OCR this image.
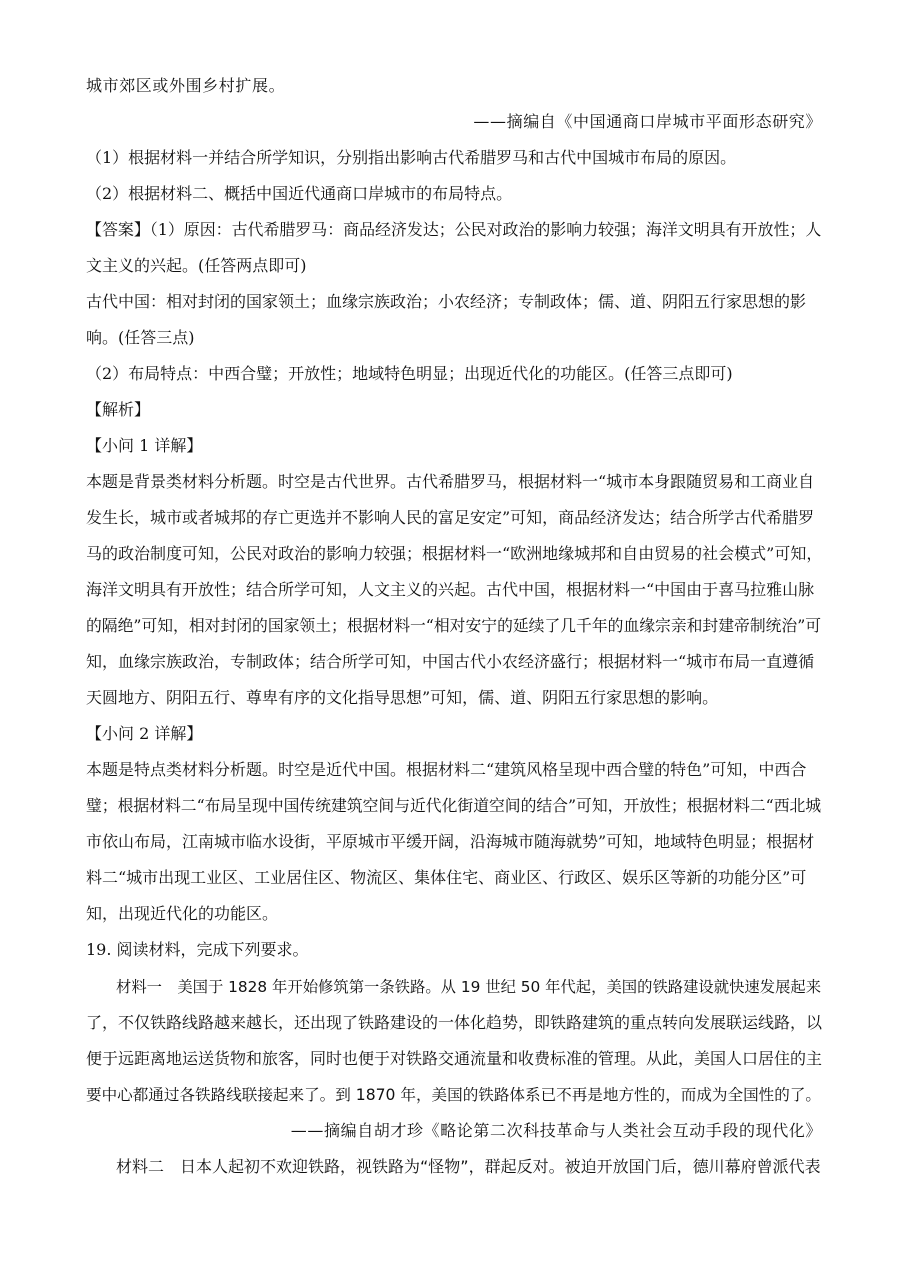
城市郊区或外围乡村扩展。
——摘编自《中国通商口岸城市平面形态研究》
（1）根据材料一并结合所学知识，分别指出影响古代希腊罗马和古代中国城市布局的原因。
（2）根据材料二、概括中国近代通商口岸城市的布局特点。
【答案】（1）原因：古代希腊罗马：商品经济发达；公民对政治的影响力较强；海洋文明具有开放性；人
文主义的兴起。(任答两点即可)
古代中国：相对封闭的国家领土；血缘宗族政治；小农经济；专制政体；儒、道、阴阳五行家思想的影
响。(任答三点)
（2）布局特点：中西合璧；开放性；地域特色明显；出现近代化的功能区。(任答三点即可)
【解析】
【小问 1 详解】
本题是背景类材料分析题。时空是古代世界。古代希腊罗马，根据材料一“城市本身跟随贸易和工商业自
发生长，城市或者城邦的存亡更选并不影响人民的富足安定”可知，商品经济发达；结合所学古代希腊罗
马的政治制度可知，公民对政治的影响力较强；根据材料一“欧洲地缘城邦和自由贸易的社会模式”可知，
海洋文明具有开放性；结合所学可知，人文主义的兴起。古代中国，根据材料一“中国由于喜马拉雅山脉
的隔绝”可知，相对封闭的国家领土；根据材料一“相对安宁的延续了几千年的血缘宗亲和封建帝制统治”可
知，血缘宗族政治，专制政体；结合所学可知，中国古代小农经济盛行；根据材料一“城市布局一直遵循
天圆地方、阴阳五行、尊卑有序的文化指导思想”可知，儒、道、阴阳五行家思想的影响。
【小问 2 详解】
本题是特点类材料分析题。时空是近代中国。根据材料二“建筑风格呈现中西合璧的特色”可知，中西合
璧；根据材料二“布局呈现中国传统建筑空间与近代化街道空间的结合”可知，开放性；根据材料二“西北城
市依山布局，江南城市临水设街，平原城市平缓开阔，沿海城市随海就势”可知，地域特色明显；根据材
料二“城市出现工业区、工业居住区、物流区、集体住宅、商业区、行政区、娱乐区等新的功能分区”可
知，出现近代化的功能区。
19. 阅读材料，完成下列要求。
材料一　美国于 1828 年开始修筑第一条铁路。从 19 世纪 50 年代起，美国的铁路建设就快速发展起来
了，不仅铁路线路越来越长，还出现了铁路建设的一体化趋势，即铁路建筑的重点转向发展联运线路，以
便于远距离地运送货物和旅客，同时也便于对铁路交通流量和收费标准的管理。从此，美国人口居住的主
要中心都通过各铁路线联接起来了。到 1870 年，美国的铁路体系已不再是地方性的，而成为全国性的了。
——摘编自胡才珍《略论第二次科技革命与人类社会互动手段的现代化》
材料二　日本人起初不欢迎铁路，视铁路为“怪物”，群起反对。被迫开放国门后，德川幕府曾派代表
